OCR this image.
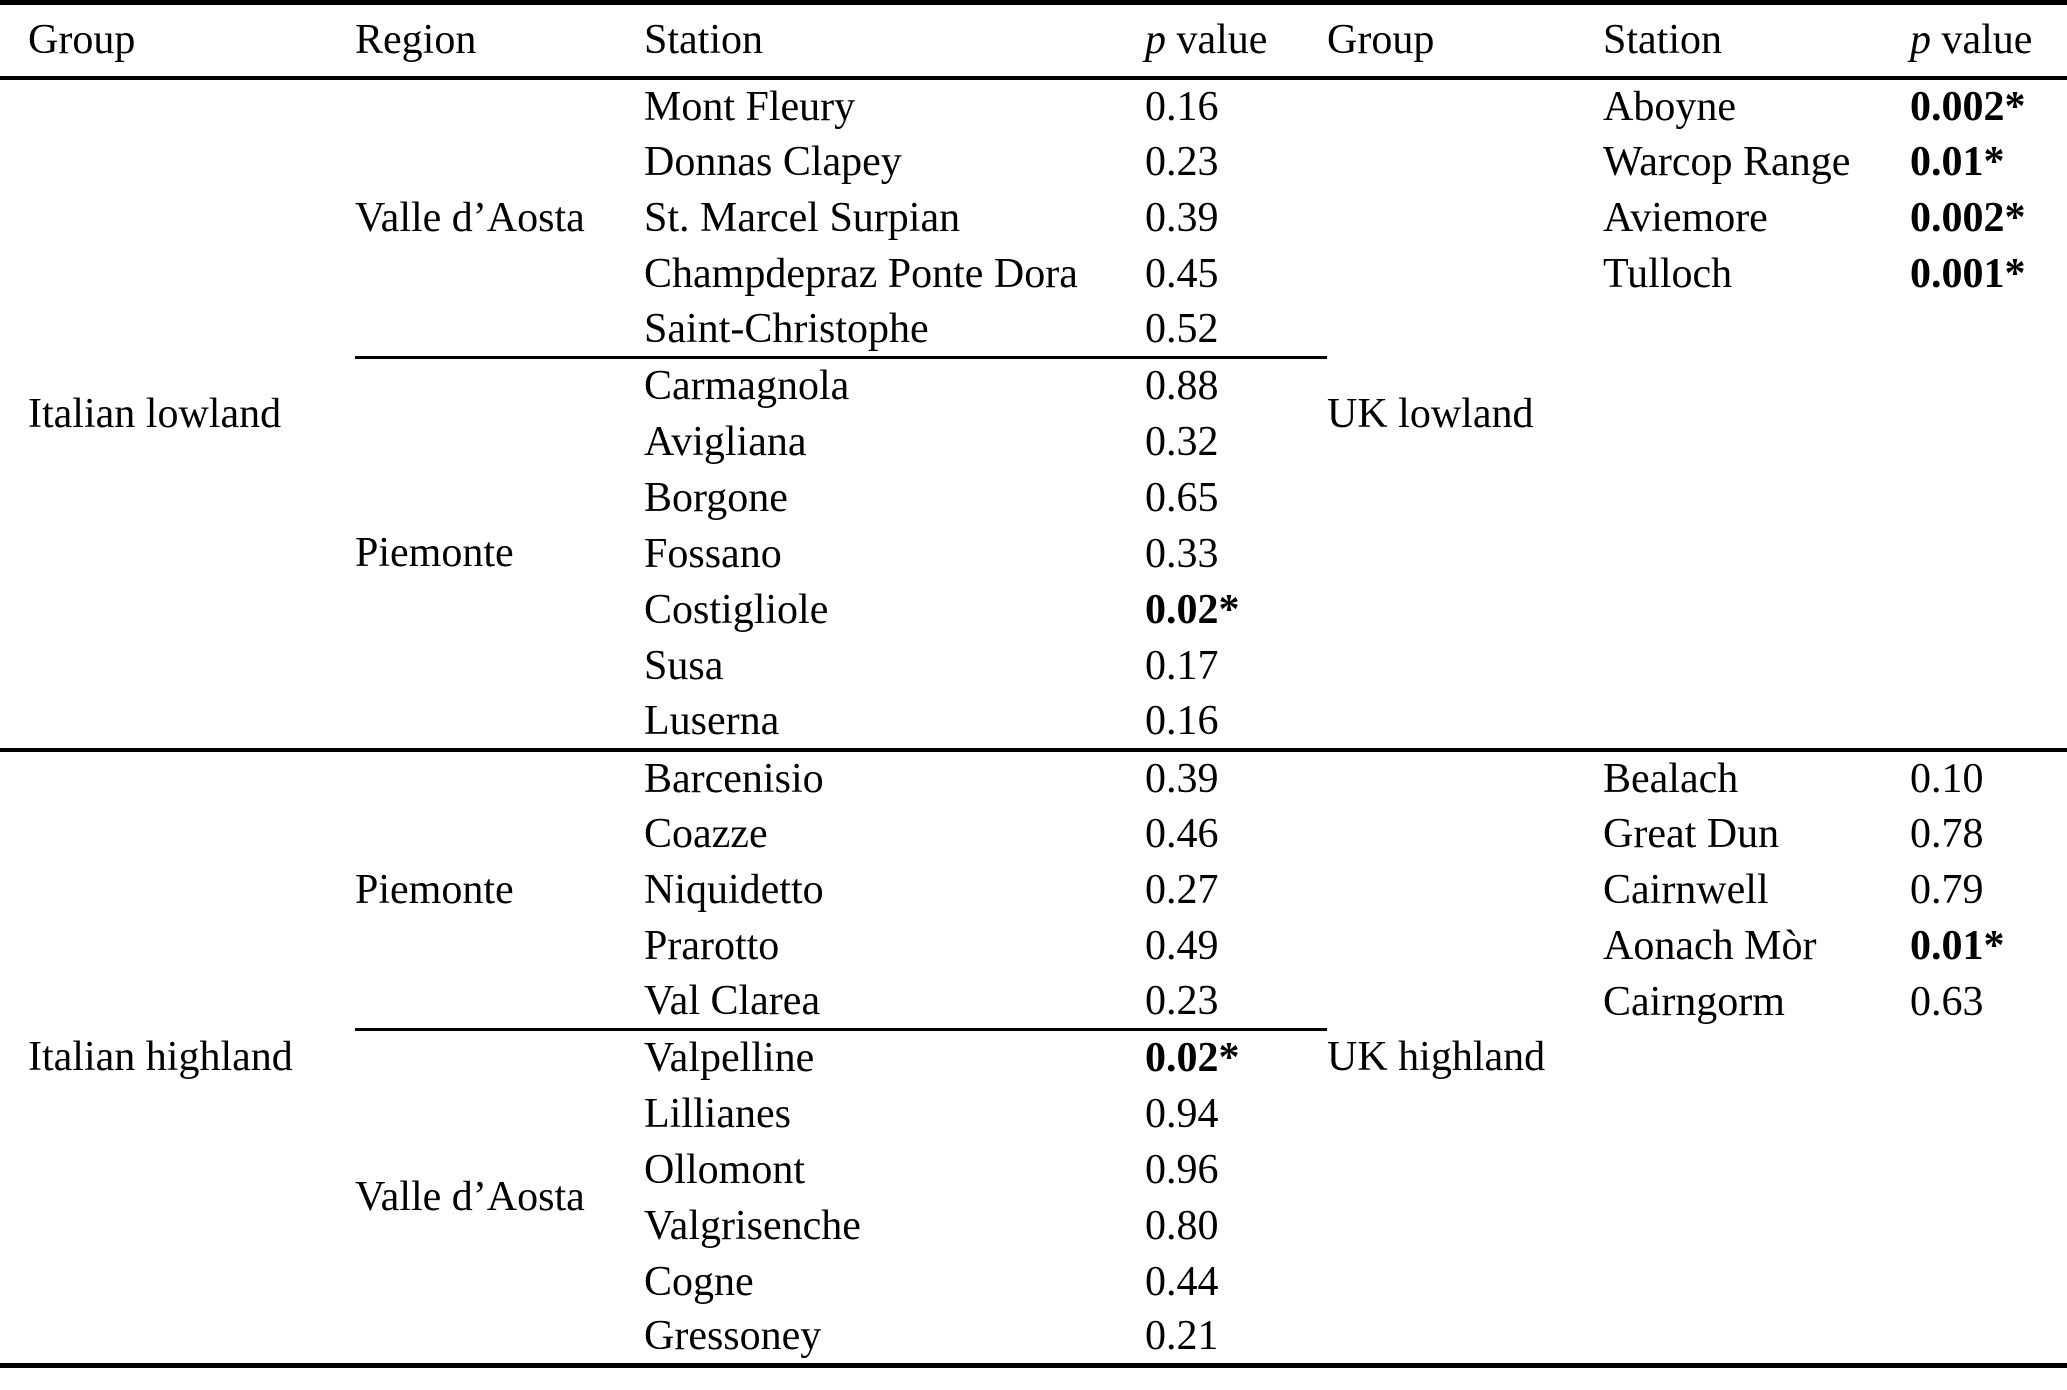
Group	Region	Station	p value	Group	Station	p value
Italian lowland	Valle d’Aosta	Mont Fleury	0.16	UK lowland	Aboyne	0.002*
		Donnas Clapey	0.23		Warcop Range	0.01*
		St. Marcel Surpian	0.39		Aviemore	0.002*
		Champdepraz Ponte Dora	0.45		Tulloch	0.001*
		Saint-Christophe	0.52			
	Piemonte	Carmagnola	0.88			
		Avigliana	0.32			
		Borgone	0.65			
		Fossano	0.33			
		Costigliole	0.02*			
		Susa	0.17			
		Luserna	0.16			
Italian highland	Piemonte	Barcenisio	0.39	UK highland	Bealach	0.10
		Coazze	0.46		Great Dun	0.78
		Niquidetto	0.27		Cairnwell	0.79
		Prarotto	0.49		Aonach Mòr	0.01*
		Val Clarea	0.23		Cairngorm	0.63
	Valle d’Aosta	Valpelline	0.02*			
		Lillianes	0.94			
		Ollomont	0.96			
		Valgrisenche	0.80			
		Cogne	0.44			
		Gressoney	0.21			
